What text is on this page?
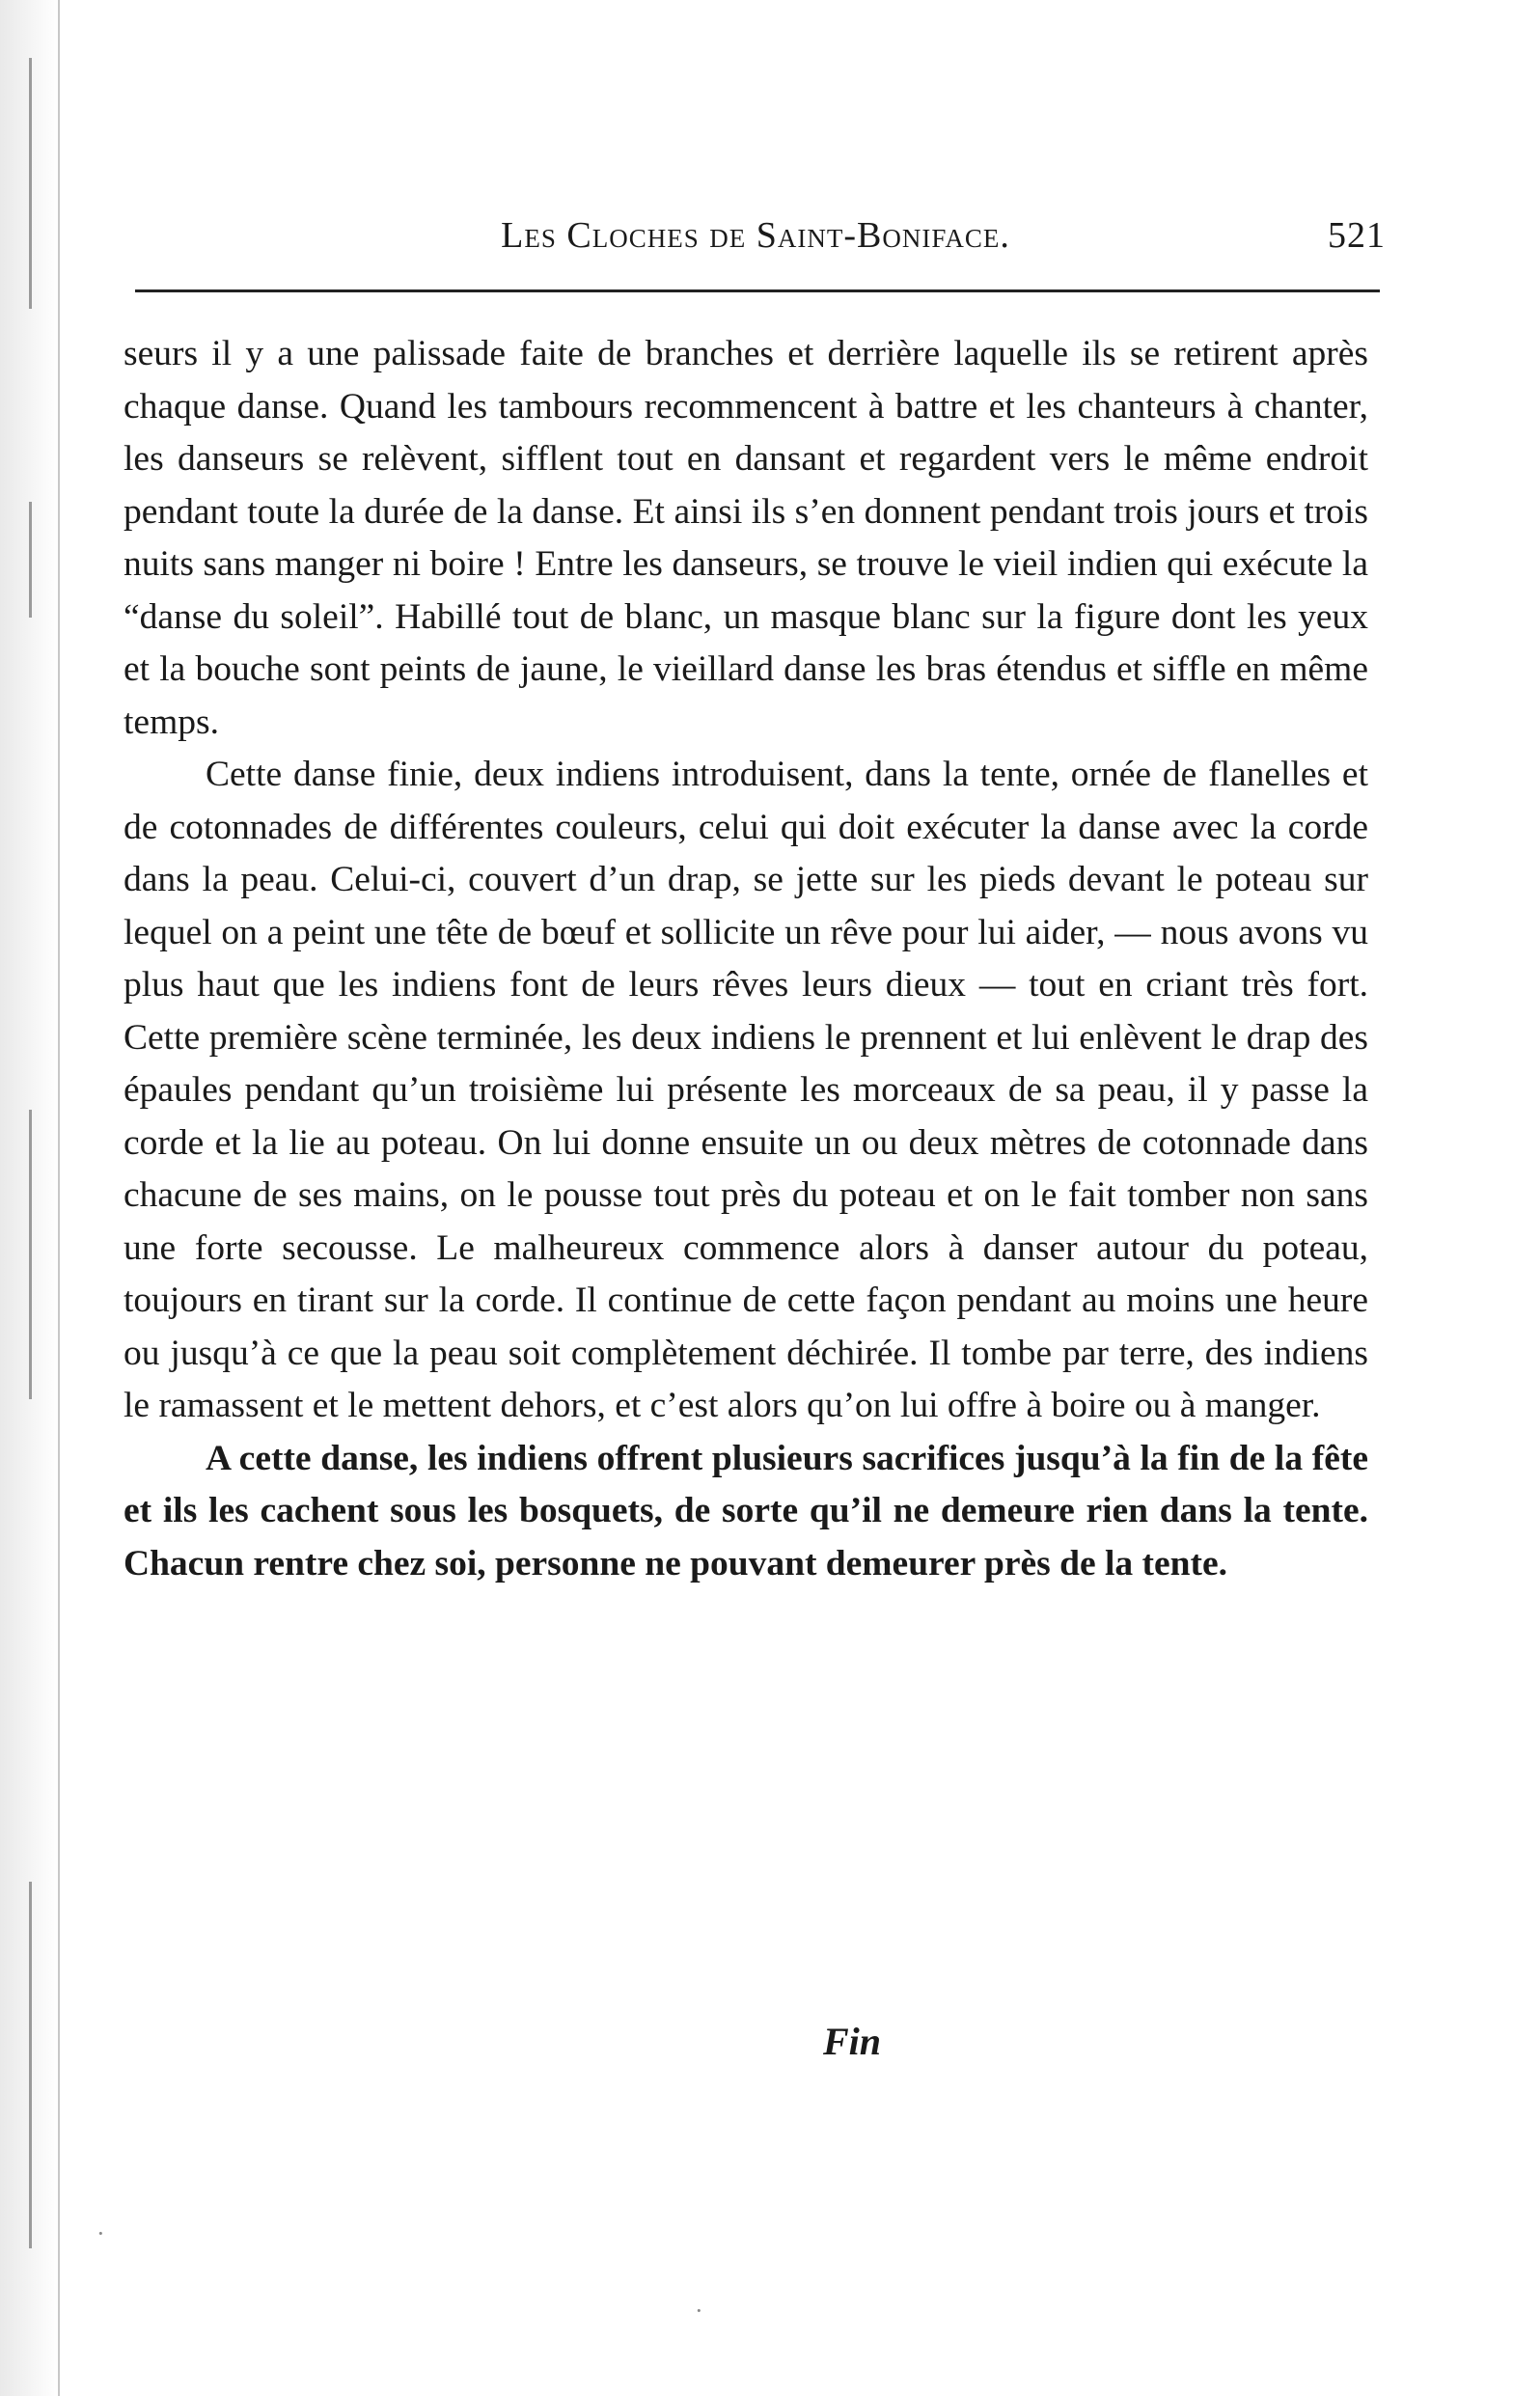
Les Cloches de Saint-Boniface.	521

seurs il y a une palissade faite de branches et derrière laquelle ils se retirent après chaque danse. Quand les tambours recommencent à battre et les chanteurs à chanter, les danseurs se relèvent, sifflent tout en dansant et regardent vers le même endroit pendant toute la durée de la danse. Et ainsi ils s’en donnent pendant trois jours et trois nuits sans manger ni boire ! Entre les danseurs, se trouve le vieil indien qui exécute la “danse du soleil”. Habillé tout de blanc, un masque blanc sur la figure dont les yeux et la bouche sont peints de jaune, le vieillard danse les bras étendus et siffle en même temps.

Cette danse finie, deux indiens introduisent, dans la tente, ornée de flanelles et de cotonnades de différentes couleurs, celui qui doit exécuter la danse avec la corde dans la peau. Celui-ci, couvert d’un drap, se jette sur les pieds devant le poteau sur lequel on a peint une tête de bœuf et sollicite un rêve pour lui aider, — nous avons vu plus haut que les indiens font de leurs rêves leurs dieux — tout en criant très fort. Cette première scène terminée, les deux indiens le prennent et lui enlèvent le drap des épaules pendant qu’un troisième lui présente les morceaux de sa peau, il y passe la corde et la lie au poteau. On lui donne ensuite un ou deux mètres de cotonnade dans chacune de ses mains, on le pousse tout près du poteau et on le fait tomber non sans une forte secousse. Le malheureux commence alors à danser autour du poteau, toujours en tirant sur la corde. Il continue de cette façon pendant au moins une heure ou jusqu’à ce que la peau soit complètement déchirée. Il tombe par terre, des indiens le ramassent et le mettent dehors, et c’est alors qu’on lui offre à boire ou à manger.

A cette danse, les indiens offrent plusieurs sacrifices jusqu’à la fin de la fête et ils les cachent sous les bosquets, de sorte qu’il ne demeure rien dans la tente. Chacun rentre chez soi, personne ne pouvant demeurer près de la tente.

Fin
·
·
